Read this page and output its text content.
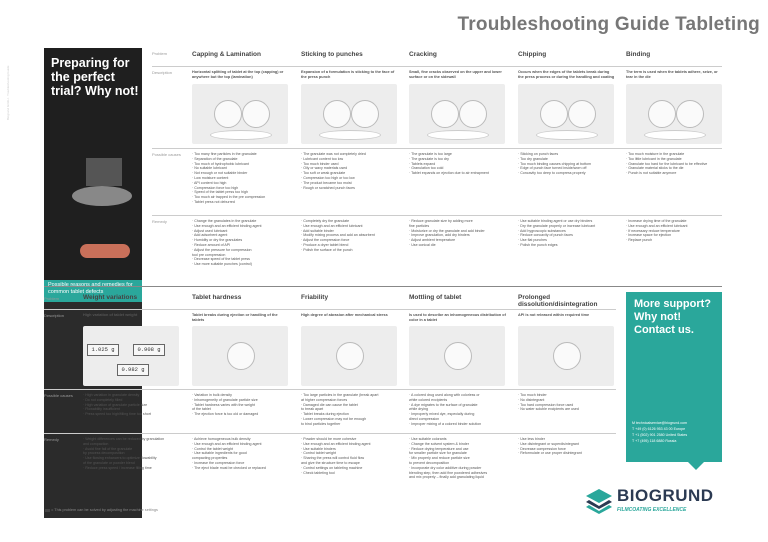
Troubleshooting Guide Tableting
Biogrund GmbH · Troubleshooting Guide
Preparing for the perfect trial? Why not!
Possible reasons and remedies for common tablet defects
Problem
Description
Possible causes
Remedy
Capping & Lamination
Horizontal splitting of tablet at the top (capping) or anywhere but the top (lamination)
· Too many fine particles in the granulate
· Separation of the granulate
· Too much of hydrophobic lubricant
· No suitable lubricant
· Not enough or not suitable binder
· Low moisture content
· API content too high
· Compression force too high
· Speed of the tablet press too high
· Too much air trapped in the pre compression
· Tablet press not deburred
· Change the granulates in the granulate
· Use enough and an efficient binding agent
· Adjust used lubricant
· Add adsorbent agent
· Humidity or dry the granulates
· Reduce amount of API
· Adjust the pressure for compression
tool pre compression
· Decrease speed of the tablet press
· Use more suitable punches (control)
Sticking to punches
Expansion of a formulation is sticking to the face of the press punch
· The granulate was not completely dried
· Lubricant content too low
· Too much binder used
· Oily or waxy materials used
· Too soft or weak granulate
· Compression too high or too low
· The product became too moist
· Rough or scratched punch faces
· Completely dry the granulate
· Use enough and an efficient lubricant
· Add suitable binder
· Modify mixing process and add an absorbent
· Adjust the compression force
· Produce a dryer tablet blend
· Polish the surface of the punch
Cracking
Small, fine cracks observed on the upper and lower surface or on the sidewall
· The granulate is too large
· The granulate is too dry
· Tablets expand
· Granulation too cold
· Tablet expands on ejection due to air entrapment
· Reduce granulate size by adding more
fine particles
· Moisturize or dry the granulate and add binder
· Improve granulation, add dry binders
· Adjust ambient temperature
· Use conical die
Chipping
Occurs when the edges of the tablets break during the press process or during the handling and coating
· Sticking on punch faces
· Too dry granulate
· Too much binding causes chipping at bottom
· Edge of punch face turned inside/worn off
· Concavity too deep to compress properly
· Use suitable binding agent or use dry binders
· Dry the granulate properly or increase lubricant
· Add hygroscopic substances
· Reduce concavity of punch faces
· Use flat punches
· Polish the punch edges
Binding
The term is used when the tablets adhere, seize, or tear in the die
· Too much moisture in the granulate
· Too little lubricant in the granulate
· Granulate too hard for the lubricant to be effective
· Granulate material sticks to the die
· Punch is not suitable anymore
· Increase drying time of the granulate
· Use enough and an efficient lubricant
· If necessary reduce temperature
· Increase space for ejection
· Replace punch
Problem
Description
Possible causes
Remedy
Weight variations
High variation of tablet weight
1.025 g	0.908 g
0.982 g
· High variation in granulate density
· Do not completely filled
· High variation of granulate particle size
· Flowability insufficient
· Press speed too high/filling time too short
· Weight differences can be reduced by granulation
and compaction
· Avoid fine fall of the granulate
by process decomposition
· Use flowing enhancers to optimize flowability
of the granulate or powder blend
· Reduce press speed / increase filling time
Tablet hardness
Tablet breaks during ejection or handling of the tablets
· Variation in bulk density
· Inhomogeneity of granulate particle size
· Tablet hardness varies with the weight
of the tablet
· The ejection force is too old or damaged
· Achieve homogeneous bulk density
· Use enough and an efficient binding agent
· Control the tablet weight
· Use suitable ingredients for good
compacting properties
· Increase the compression force
· The eject blade must be checked or replaced
Friability
High degree of abrasion after mechanical stress
· Too large particles in the granulate (break apart
at higher compression forces
· Damaged die can cause the tablet
to break apart
· Tablet breaks during ejection
· Lower compression may not be enough
to bind particles together
· Powder should be more cohesive
· Use enough and an efficient binding agent
· Use suitable binders
· Control tablet weight
· Sharing the press will control fluid flow
and give the structure time to escape
· Control settings on tableting machine
· Check tableting tool
Mottling of tablet
Is used to describe an inhomogeneous distribution of color in a tablet
· A colored drug used along with colorless or
white colored excipients
· A dye migrates to the surface of granulate
while drying
· Improperly mixed dye, especially during
direct compression
· Improper mixing of a colored binder solution
· Use suitable colorants
· Change the solvent system & binder
· Reduce drying temperature and use
for smaller particle size for granulate
· Mix properly and reduce particle size
to prevent decomposition
· Incorporate dry color additive during powder
blending step, then add fine powdered adhesives
and mix properly – finally add granulating liquid
Prolonged dissolution/disintegration
API is not released within required time
· Too much binder
· No disintegrant
· Too hard compression force used
· No water soluble excipients are used
· Use less binder
· Use disintegrant or superdisintegrant
· Decrease compression force
· Reformulate or use proper disintegrant
More support? Why not! Contact us.
M technicalservice@biogrund.com
T +49 (0) 6126 953 43 00 Europe
T +1 (502) 901 2580 United States
T +7 (495) 118 6880 Russia
BIOGRUND
FILMCOATING EXCELLENCE
= This problem can be solved by adjusting the machine settings
